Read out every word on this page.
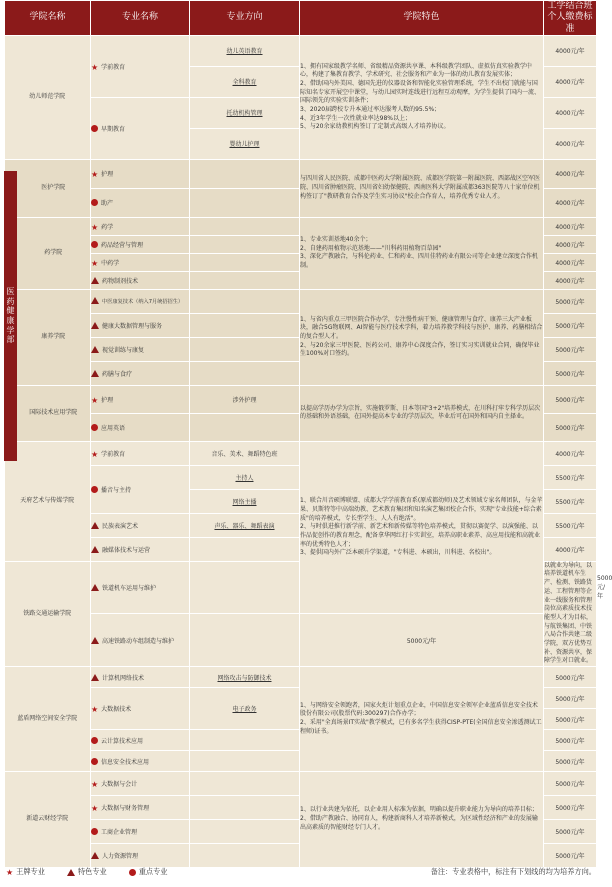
学院名称	专业名称	专业方向	学院特色	工学结合班
个人缴费标准	
幼儿师范学院	★ 学前教育	幼儿英语教育	1、拥有国家级教学名师、省级精品资源共享课、本科级教学团队、虚拟仿真实验教学中心，构建了集教育教学、学术研究、社会服务和产业为一体的幼儿教育发展实体；
2、借助国内外美国、德国先进的仪器设备和智能化实验管理系统，学生不出校门就能与国际知名专家开展空中课堂，与幼儿园实时连线进行远程互动观摩，为学生提供了国内一流、国际领先的实验实训条件；
3、2020届跨校专升本通过率达服考人数的95.5%；
4、近3年学生一次性就业率达98%以上；
5、与20余家幼教机构签订了定制式高级人才培养协议。	4000元/年	
		全科教育		4000元/年	
	早期教育	托幼机构管理		4000元/年	
		婴幼儿护理		4000元/年	
医护学院	★ 护理		与四川省人民医院、成都中医药大学附属医院、成都医学院第一附属医院、西部战区空军医院、四川省肿瘤医院、四川省妇幼保健院、西南医科大学附属成都363医院等八十家单位机构签订了"教研教育合作及学生实习协议"校企合作育人，培养优秀专业人才。	4000元/年	
	助产			4000元/年	
药学院	★ 药学		1、专业实训基地40余个；
2、自建药用植物示范基地——"川科药用植物百草园"
3、深化产教融合，与科伦药业、仁和药业、四川佳特药业有限公司等企业建立深度合作机制。	4000元/年	
	药品经营与管理			4000元/年	
	★ 中药学			4000元/年	
	药物制剂技术			4000元/年	
康养学院	中医康复技术（纳入7月统招招生）		1、与省内重点三甲医院合作办学，专注慢性病干预、健康管理与食疗、康养三大产业板块，融合5G物联网、AI智能与医疗技术学科，着力培养教学科技与医护、康养、药膳相结合的复合型人才。
2、与20余家三甲医院、医药公司、康养中心深度合作，签订实习实训就业合同，确保毕业生100%对口签约。	5000元/年	
	健康大数据管理与服务			5000元/年	
	视觉训练与康复			5000元/年	
	药膳与食疗			5000元/年	
国际技术应用学院	★ 护理	涉外护理	以提高学历办学为宗旨，实施俄罗斯、日本等国"3+2"培养模式，在川科打牢专科学历层次的基础和外语基础，在国外提高本专业的学历层次，毕业后可在国外和国内自主择业。	5000元/年	
	应用英语			5000元/年	
天府艺术与传媒学院	★ 学前教育	音乐、美术、舞蹈特色班	1、联合川音硕博联盟、成都大学学前教育系(原成都幼师)及艺术领域专家名师团队，与金苹果、贝斯特等中高端幼教、艺术教育集团和知名演艺集团校企合作，实现"专业技能+综合素质"的培养模式，专长型学生、人人有绝活"。
2、与时俱进推行新学前、新艺术和新传媒等特色培养模式，贯彻以赛促学、以演强能、以作品促创作的教育理念，配备拿华网红打卡实训室，培养高职业素养、高应用技能和高就业率的优秀特色人才；
3、提供国内外广泛本硕升学渠道，"专科进、本硕出，川科进、名校出"。	4000元/年	
	播音与主持	主持人		5500元/年	
		网络主播		5500元/年	
	民族表演艺术	声乐、器乐、舞蹈表演		5500元/年	
	融媒体技术与运营			4000元/年	
铁路交通运输学院	铁道机车运用与维护			以就业为导向，以培养铁道机车生产、检测、铁路货运、工程管理等企业一线服务和管理岗位高素质技术技能型人才为目标，与航铁集团、中铁八局合作共建二级学院，双方优势互补、资源共享，保障学生对口就业。	5000元/年
	高速铁路动车组制造与维护		5000元/年		
蓝盾网络空间安全学院	计算机网络技术	网络攻击与防御技术	1、与网络安全领跑者，国家火炬计划重点企业，中国信息安全领军企业蓝盾信息安全技术股份有限公司(股票代码:300297)合作办学；
2、采用"全真场景IT实战"教学模式，已有多名学生获得CISP-PTE(全国信息安全渗透测试工程师)证书。	5000元/年	
	★ 大数据技术	电子政务		5000元/年	
				5000元/年	
	云计算技术应用			5000元/年	
	信息安全技术应用			5000元/年	
新道云财经学院	★ 大数据与会计		1、以行业共建为依托，以企业用人标准为依据，明确以提升职业能力为导向的培养目标；
2、借助产教融合、协同育人，构建新商科人才培养新模式，为区域性经济和产业的发展输出高素质的智能财经专门人才。	5000元/年	
	★ 大数据与财务管理			5000元/年	
	工商企业管理			5000元/年	
	人力资源管理			5000元/年	
医药健康学部
★ 王牌专业	特色专业	重点专业	备注：专业表格中，标注有下划线的均为培养方向。
